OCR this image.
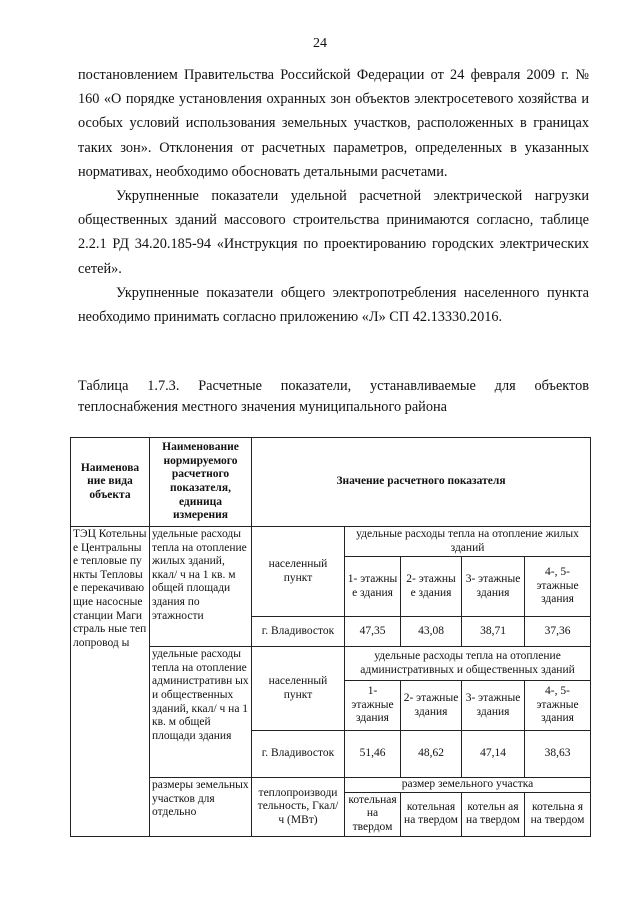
24

постановлением Правительства Российской Федерации от 24 февраля 2009 г. № 160 «О порядке установления охранных зон объектов электросетевого хозяйства и особых условий использования земельных участков, расположенных в границах таких зон». Отклонения от расчетных параметров, определенных в указанных нормативах, необходимо обосновать детальными расчетами.

Укрупненные показатели удельной расчетной электрической нагрузки общественных зданий массового строительства принимаются согласно, таблице 2.2.1 РД 34.20.185-94 «Инструкция по проектированию городских электрических сетей».

Укрупненные показатели общего электропотребления населенного пункта необходимо принимать согласно приложению «Л» СП 42.13330.2016.

Таблица 1.7.3. Расчетные показатели, устанавливаемые для объектов теплоснабжения местного значения муниципального района
Наименова ние вида объекта	Наименование нормируемого расчетного показателя, единица измерения	Значение расчетного показателя				
ТЭЦ Котельные Центральны е тепловые пункты Тепловые перекачиваю щие насосные станции Магистраль ные теплопровод ы	удельные расходы тепла на отопление жилых зданий, ккал/ ч на 1 кв. м общей площади здания по этажности	населенный пункт	удельные расходы тепла на отопление жилых зданий			
			1- этажны е здания	2- этажны е здания	3- этажные здания	4-, 5- этажные здания
		г. Владивосток	47,35	43,08	38,71	37,36
	удельные расходы тепла на отопление административн ых и общественных зданий, ккал/ ч на 1 кв. м общей площади здания	населенный пункт	удельные расходы тепла на отопление административных и общественных зданий			
			1- этажные здания	2- этажные здания	3- этажные здания	4-, 5- этажные здания
		г. Владивосток	51,46	48,62	47,14	38,63
	размеры земельных участков для отдельно	теплопроизводи тельность, Гкал/ ч (МВт)	размер земельного участка			
			котельная на твердом	котельная на твердом	котельн ая на твердом	котельна я на твердом
